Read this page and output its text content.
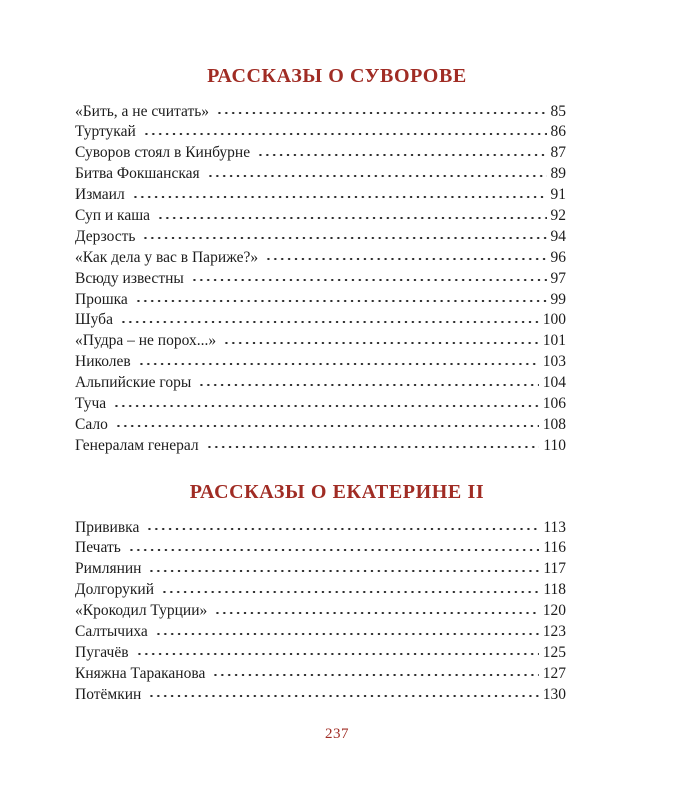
РАССКАЗЫ О СУВОРОВЕ
«Бить, а не считать»	85
Туртукай	86
Суворов стоял в Кинбурне	87
Битва Фокшанская	89
Измаил	91
Суп и каша	92
Дерзость	94
«Как дела у вас в Париже?»	96
Всюду известны	97
Прошка	99
Шуба	100
«Пудра – не порох...»	101
Николев	103
Альпийские горы	104
Туча	106
Сало	108
Генералам генерал	110
РАССКАЗЫ О ЕКАТЕРИНЕ II
Прививка	113
Печать	116
Римлянин	117
Долгорукий	118
«Крокодил Турции»	120
Салтычиха	123
Пугачёв	125
Княжна Тараканова	127
Потёмкин	130
237
